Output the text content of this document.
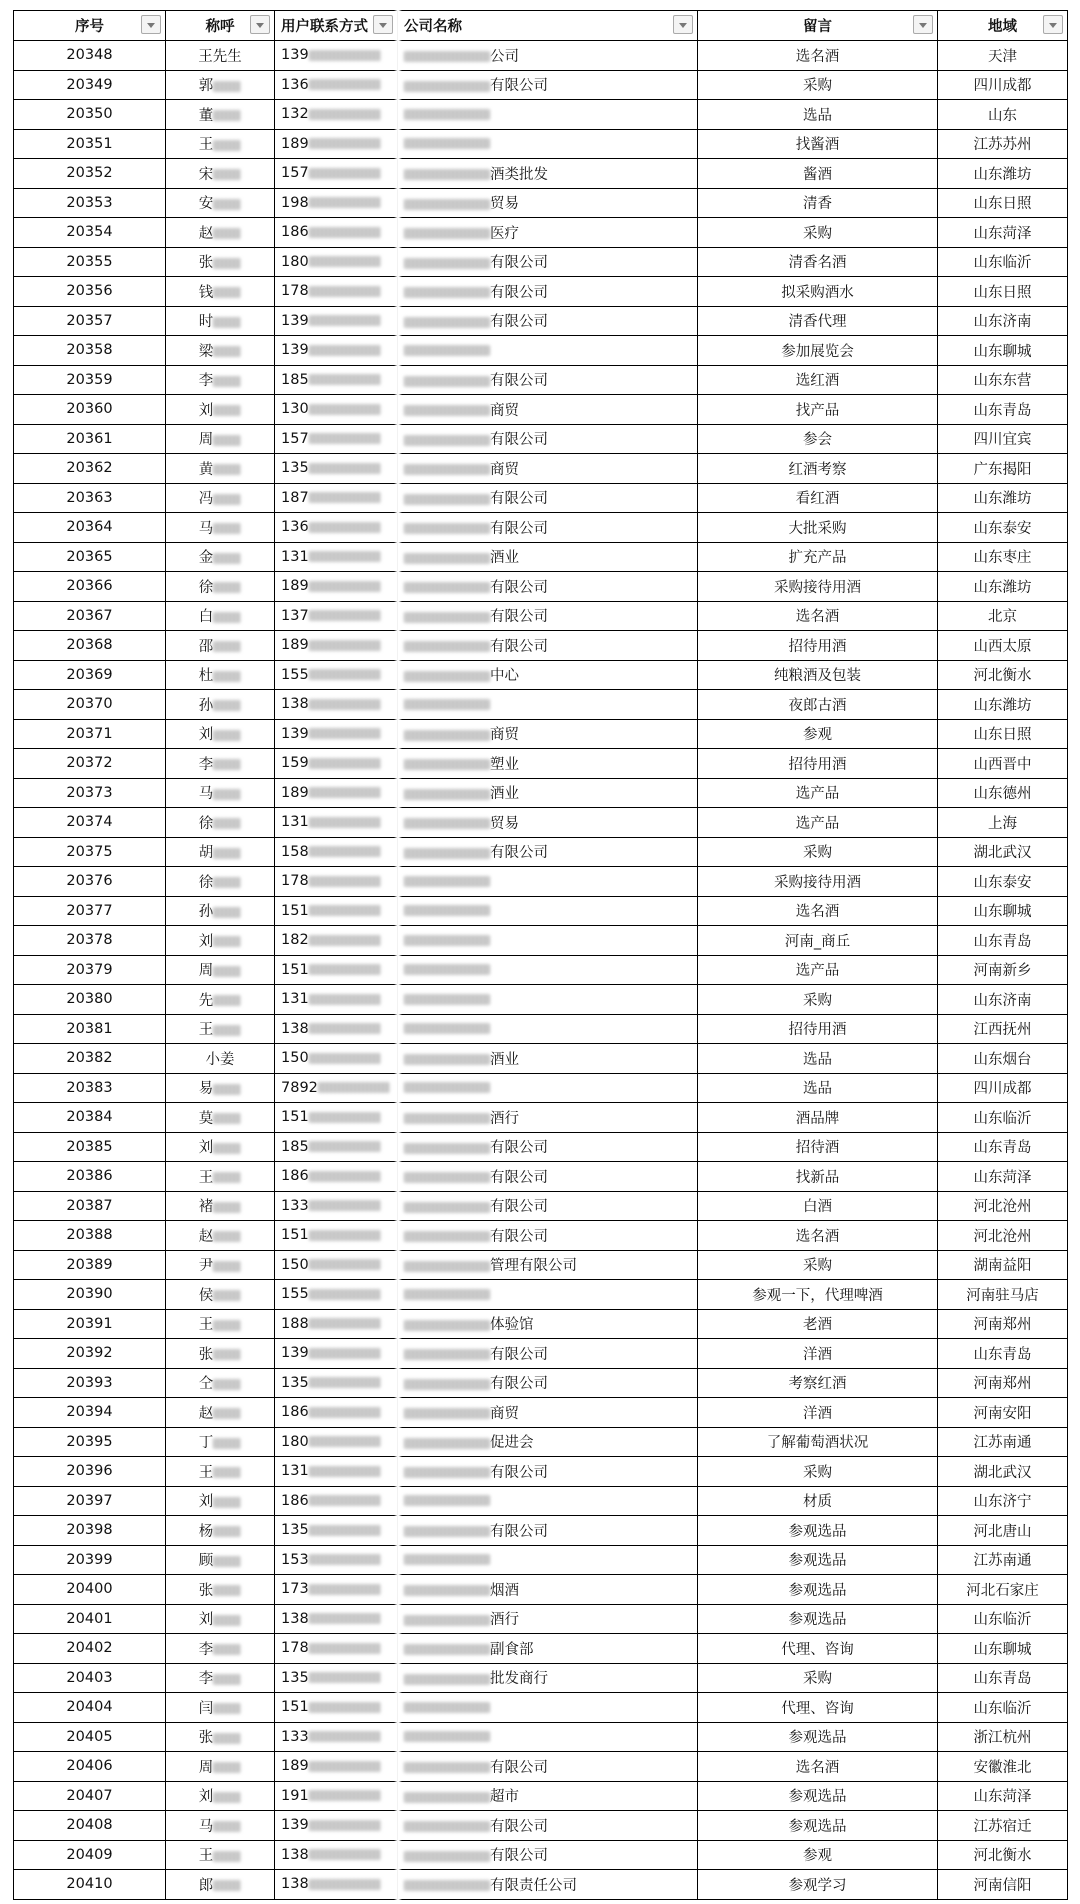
序号	称呼	用户联系方式	公司名称	留言	地域

20348	王先生	139	公司	选名酒	天津
20349	郭	136	有限公司	采购	四川成都
20350	董	132		选品	山东
20351	王	189		找酱酒	江苏苏州
20352	宋	157	酒类批发	酱酒	山东潍坊
20353	安	198	贸易	清香	山东日照
20354	赵	186	医疗	采购	山东菏泽
20355	张	180	有限公司	清香名酒	山东临沂
20356	钱	178	有限公司	拟采购酒水	山东日照
20357	时	139	有限公司	清香代理	山东济南
20358	梁	139		参加展览会	山东聊城
20359	李	185	有限公司	选红酒	山东东营
20360	刘	130	商贸	找产品	山东青岛
20361	周	157	有限公司	参会	四川宜宾
20362	黄	135	商贸	红酒考察	广东揭阳
20363	冯	187	有限公司	看红酒	山东潍坊
20364	马	136	有限公司	大批采购	山东泰安
20365	金	131	酒业	扩充产品	山东枣庄
20366	徐	189	有限公司	采购接待用酒	山东潍坊
20367	白	137	有限公司	选名酒	北京
20368	邵	189	有限公司	招待用酒	山西太原
20369	杜	155	中心	纯粮酒及包装	河北衡水
20370	孙	138		夜郎古酒	山东潍坊
20371	刘	139	商贸	参观	山东日照
20372	李	159	塑业	招待用酒	山西晋中
20373	马	189	酒业	选产品	山东德州
20374	徐	131	贸易	选产品	上海
20375	胡	158	有限公司	采购	湖北武汉
20376	徐	178		采购接待用酒	山东泰安
20377	孙	151		选名酒	山东聊城
20378	刘	182		河南_商丘	山东青岛
20379	周	151		选产品	河南新乡
20380	先	131		采购	山东济南
20381	王	138		招待用酒	江西抚州
20382	小姜	150	酒业	选品	山东烟台
20383	易	7892		选品	四川成都
20384	莫	151	酒行	酒品牌	山东临沂
20385	刘	185	有限公司	招待酒	山东青岛
20386	王	186	有限公司	找新品	山东菏泽
20387	褚	133	有限公司	白酒	河北沧州
20388	赵	151	有限公司	选名酒	河北沧州
20389	尹	150	管理有限公司	采购	湖南益阳
20390	侯	155		参观一下，代理啤酒	河南驻马店
20391	王	188	体验馆	老酒	河南郑州
20392	张	139	有限公司	洋酒	山东青岛
20393	仝	135	有限公司	考察红酒	河南郑州
20394	赵	186	商贸	洋酒	河南安阳
20395	丁	180	促进会	了解葡萄酒状况	江苏南通
20396	王	131	有限公司	采购	湖北武汉
20397	刘	186		材质	山东济宁
20398	杨	135	有限公司	参观选品	河北唐山
20399	顾	153		参观选品	江苏南通
20400	张	173	烟酒	参观选品	河北石家庄
20401	刘	138	酒行	参观选品	山东临沂
20402	李	178	副食部	代理、咨询	山东聊城
20403	李	135	批发商行	采购	山东青岛
20404	闫	151		代理、咨询	山东临沂
20405	张	133		参观选品	浙江杭州
20406	周	189	有限公司	选名酒	安徽淮北
20407	刘	191	超市	参观选品	山东菏泽
20408	马	139	有限公司	参观选品	江苏宿迁
20409	王	138	有限公司	参观	河北衡水
20410	郎	138	有限责任公司	参观学习	河南信阳
